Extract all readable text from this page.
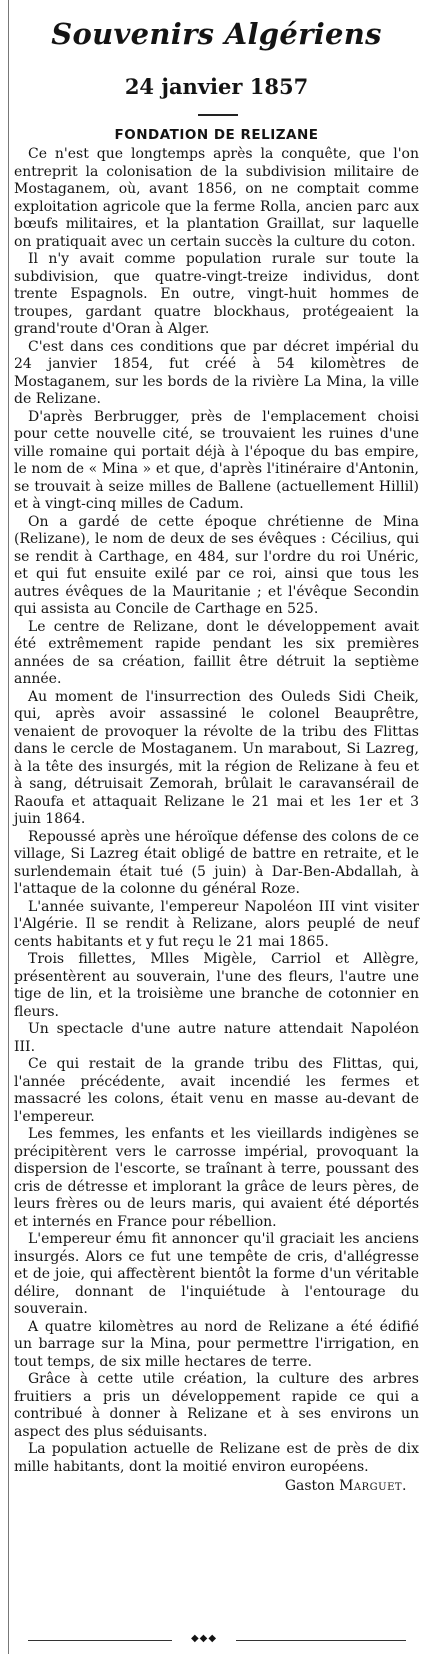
Souvenirs Algériens
24 janvier 1857
FONDATION DE RELIZANE

Ce n'est que longtemps après la conquête, que l'on entreprit la colonisation de la subdivision militaire de Mostaganem, où, avant 1856, on ne comptait comme exploitation agricole que la ferme Rolla, ancien parc aux bœufs militaires, et la plantation Graillat, sur laquelle on pratiquait avec un certain succès la culture du coton.

Il n'y avait comme population rurale sur toute la subdivision, que quatre-vingt-treize individus, dont trente Espagnols. En outre, vingt-huit hommes de troupes, gardant quatre blockhaus, protégeaient la grand'route d'Oran à Alger.

C'est dans ces conditions que par décret impérial du 24 janvier 1854, fut créé à 54 kilomètres de Mostaganem, sur les bords de la rivière La Mina, la ville de Relizane.

D'après Berbrugger, près de l'emplacement choisi pour cette nouvelle cité, se trouvaient les ruines d'une ville romaine qui portait déjà à l'époque du bas empire, le nom de « Mina » et que, d'après l'itinéraire d'Antonin, se trouvait à seize milles de Ballene (actuellement Hillil) et à vingt-cinq milles de Cadum.

On a gardé de cette époque chrétienne de Mina (Relizane), le nom de deux de ses évêques : Cécilius, qui se rendit à Carthage, en 484, sur l'ordre du roi Unéric, et qui fut ensuite exilé par ce roi, ainsi que tous les autres évêques de la Mauritanie ; et l'évêque Secondin qui assista au Concile de Carthage en 525.

Le centre de Relizane, dont le développement avait été extrêmement rapide pendant les six premières années de sa création, faillit être détruit la septième année.

Au moment de l'insurrection des Ouleds Sidi Cheik, qui, après avoir assassiné le colonel Beauprêtre, venaient de provoquer la révolte de la tribu des Flittas dans le cercle de Mostaganem. Un marabout, Si Lazreg, à la tête des insurgés, mit la région de Relizane à feu et à sang, détruisait Zemorah, brûlait le caravansérail de Raoufa et attaquait Relizane le 21 mai et les 1er et 3 juin 1864.

Repoussé après une héroïque défense des colons de ce village, Si Lazreg était obligé de battre en retraite, et le surlendemain était tué (5 juin) à Dar-Ben-Abdallah, à l'attaque de la colonne du général Roze.

L'année suivante, l'empereur Napoléon III vint visiter l'Algérie. Il se rendit à Relizane, alors peuplé de neuf cents habitants et y fut reçu le 21 mai 1865.

Trois fillettes, Mlles Migèle, Carriol et Allègre, présentèrent au souverain, l'une des fleurs, l'autre une tige de lin, et la troisième une branche de cotonnier en fleurs.

Un spectacle d'une autre nature attendait Napoléon III.

Ce qui restait de la grande tribu des Flittas, qui, l'année précédente, avait incendié les fermes et massacré les colons, était venu en masse au-devant de l'empereur.

Les femmes, les enfants et les vieillards indigènes se précipitèrent vers le carrosse impérial, provoquant la dispersion de l'escorte, se traînant à terre, poussant des cris de détresse et implorant la grâce de leurs pères, de leurs frères ou de leurs maris, qui avaient été déportés et internés en France pour rébellion.

L'empereur ému fit annoncer qu'il graciait les anciens insurgés. Alors ce fut une tempête de cris, d'allégresse et de joie, qui affectèrent bientôt la forme d'un véritable délire, donnant de l'inquiétude à l'entourage du souverain.

A quatre kilomètres au nord de Relizane a été édifié un barrage sur la Mina, pour permettre l'irrigation, en tout temps, de six mille hectares de terre.

Grâce à cette utile création, la culture des arbres fruitiers a pris un développement rapide ce qui a contribué à donner à Relizane et à ses environs un aspect des plus séduisants.

La population actuelle de Relizane est de près de dix mille habitants, dont la moitié environ européens.

Gaston Marguet.

◆◆◆
